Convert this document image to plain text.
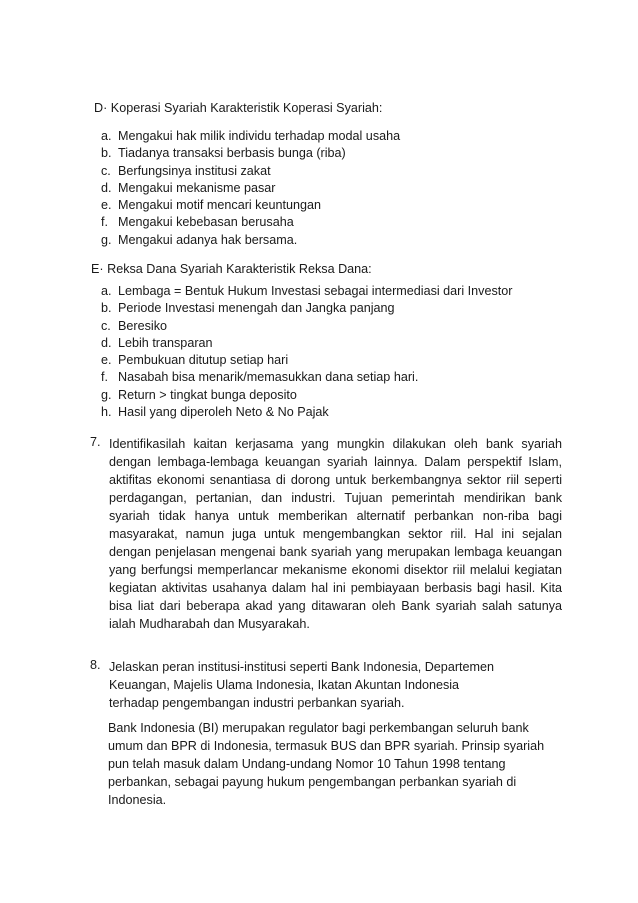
D· Koperasi Syariah Karakteristik Koperasi Syariah:
a. Mengakui hak milik individu terhadap modal usaha
b. Tiadanya transaksi berbasis bunga (riba)
c. Berfungsinya institusi zakat
d. Mengakui mekanisme pasar
e. Mengakui motif mencari keuntungan
f. Mengakui kebebasan berusaha
g. Mengakui adanya hak bersama.
E· Reksa Dana Syariah Karakteristik Reksa Dana:
a. Lembaga = Bentuk Hukum Investasi sebagai intermediasi dari Investor
b. Periode Investasi menengah dan Jangka panjang
c. Beresiko
d. Lebih transparan
e. Pembukuan ditutup setiap hari
f. Nasabah bisa menarik/memasukkan dana setiap hari.
g. Return > tingkat bunga deposito
h. Hasil yang diperoleh Neto & No Pajak
7. Identifikasilah kaitan kerjasama yang mungkin dilakukan oleh bank syariah dengan lembaga-lembaga keuangan syariah lainnya. Dalam perspektif Islam, aktifitas ekonomi senantiasa di dorong untuk berkembangnya sektor riil seperti perdagangan, pertanian, dan industri. Tujuan pemerintah mendirikan bank syariah tidak hanya untuk memberikan alternatif perbankan non-riba bagi masyarakat, namun juga untuk mengembangkan sektor riil. Hal ini sejalan dengan penjelasan mengenai bank syariah yang merupakan lembaga keuangan yang berfungsi memperlancar mekanisme ekonomi disektor riil melalui kegiatan kegiatan aktivitas usahanya dalam hal ini pembiayaan berbasis bagi hasil. Kita bisa liat dari beberapa akad yang ditawaran oleh Bank syariah salah satunya ialah Mudharabah dan Musyarakah.
8. Jelaskan peran institusi-institusi seperti Bank Indonesia, Departemen Keuangan, Majelis Ulama Indonesia, Ikatan Akuntan Indonesia terhadap pengembangan industri perbankan syariah.
Bank Indonesia (BI) merupakan regulator bagi perkembangan seluruh bank umum dan BPR di Indonesia, termasuk BUS dan BPR syariah. Prinsip syariah pun telah masuk dalam Undang-undang Nomor 10 Tahun 1998 tentang perbankan, sebagai payung hukum pengembangan perbankan syariah di Indonesia.
